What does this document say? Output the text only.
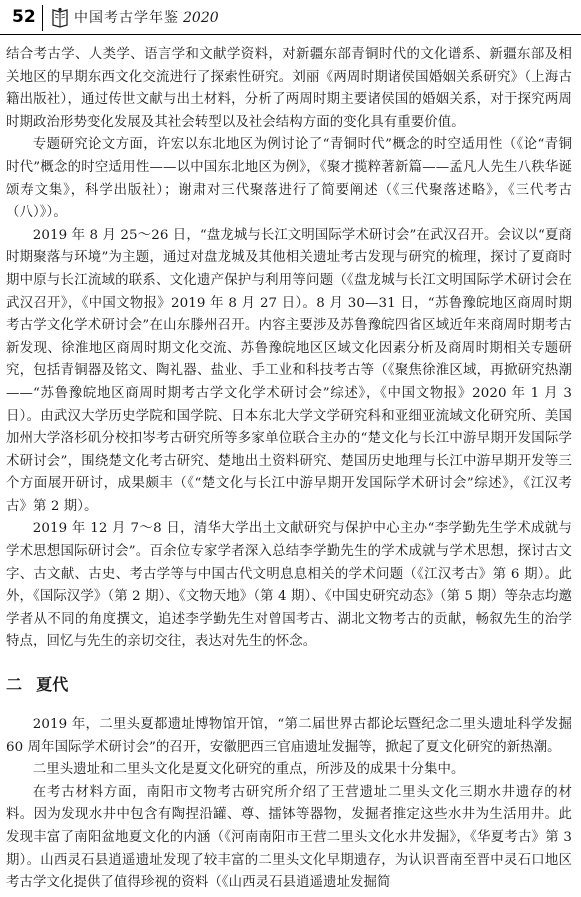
52	中国考古学年鉴 2020

结合考古学、人类学、语言学和文献学资料，对新疆东部青铜时代的文化谱系、新疆东部及相关地区的早期东西文化交流进行了探索性研究。刘丽《两周时期诸侯国婚姻关系研究》（上海古籍出版社），通过传世文献与出土材料，分析了两周时期主要诸侯国的婚姻关系，对于探究两周时期政治形势变化发展及其社会转型以及社会结构方面的变化具有重要价值。

专题研究论文方面，许宏以东北地区为例讨论了“青铜时代”概念的时空适用性（《论“青铜时代”概念的时空适用性——以中国东北地区为例》，《聚才揽粹著新篇——孟凡人先生八秩华诞颂寿文集》，科学出版社）；谢肃对三代聚落进行了简要阐述（《三代聚落述略》，《三代考古（八）》）。

2019 年 8 月 25～26 日，“盘龙城与长江文明国际学术研讨会”在武汉召开。会议以“夏商时期聚落与环境”为主题，通过对盘龙城及其他相关遗址考古发现与研究的梳理，探讨了夏商时期中原与长江流域的联系、文化遗产保护与利用等问题（《盘龙城与长江文明国际学术研讨会在武汉召开》，《中国文物报》2019 年 8 月 27 日）。8 月 30—31 日，“苏鲁豫皖地区商周时期考古学文化学术研讨会”在山东滕州召开。内容主要涉及苏鲁豫皖四省区域近年来商周时期考古新发现、徐淮地区商周时期文化交流、苏鲁豫皖地区区域文化因素分析及商周时期相关专题研究，包括青铜器及铭文、陶礼器、盐业、手工业和科技考古等（《聚焦徐淮区域，再掀研究热潮——“苏鲁豫皖地区商周时期考古学文化学术研讨会”综述》，《中国文物报》2020 年 1 月 3 日）。由武汉大学历史学院和国学院、日本东北大学文学研究科和亚细亚流域文化研究所、美国加州大学洛杉矶分校扣岑考古研究所等多家单位联合主办的“楚文化与长江中游早期开发国际学术研讨会”，围绕楚文化考古研究、楚地出土资料研究、楚国历史地理与长江中游早期开发等三个方面展开研讨，成果颇丰（《“楚文化与长江中游早期开发国际学术研讨会”综述》，《江汉考古》第 2 期）。

2019 年 12 月 7～8 日，清华大学出土文献研究与保护中心主办“李学勤先生学术成就与学术思想国际研讨会”。百余位专家学者深入总结李学勤先生的学术成就与学术思想，探讨古文字、古文献、古史、考古学等与中国古代文明息息相关的学术问题（《江汉考古》第 6 期）。此外，《国际汉学》（第 2 期）、《文物天地》（第 4 期）、《中国史研究动态》（第 5 期）等杂志均邀学者从不同的角度撰文，追述李学勤先生对曾国考古、湖北文物考古的贡献，畅叙先生的治学特点，回忆与先生的亲切交往，表达对先生的怀念。

二 夏代

2019 年，二里头夏都遗址博物馆开馆，“第二届世界古都论坛暨纪念二里头遗址科学发掘 60 周年国际学术研讨会”的召开，安徽肥西三官庙遗址发掘等，掀起了夏文化研究的新热潮。

二里头遗址和二里头文化是夏文化研究的重点，所涉及的成果十分集中。

在考古材料方面，南阳市文物考古研究所介绍了王营遗址二里头文化三期水井遗存的材料。因为发现水井中包含有陶捏沿罐、尊、擂钵等器物，发掘者推定这些水井为生活用井。此发现丰富了南阳盆地夏文化的内涵（《河南南阳市王营二里头文化水井发掘》，《华夏考古》第 3 期）。山西灵石县逍遥遗址发现了较丰富的二里头文化早期遗存，为认识晋南至晋中灵石口地区考古学文化提供了值得珍视的资料（《山西灵石县逍遥遗址发掘简
